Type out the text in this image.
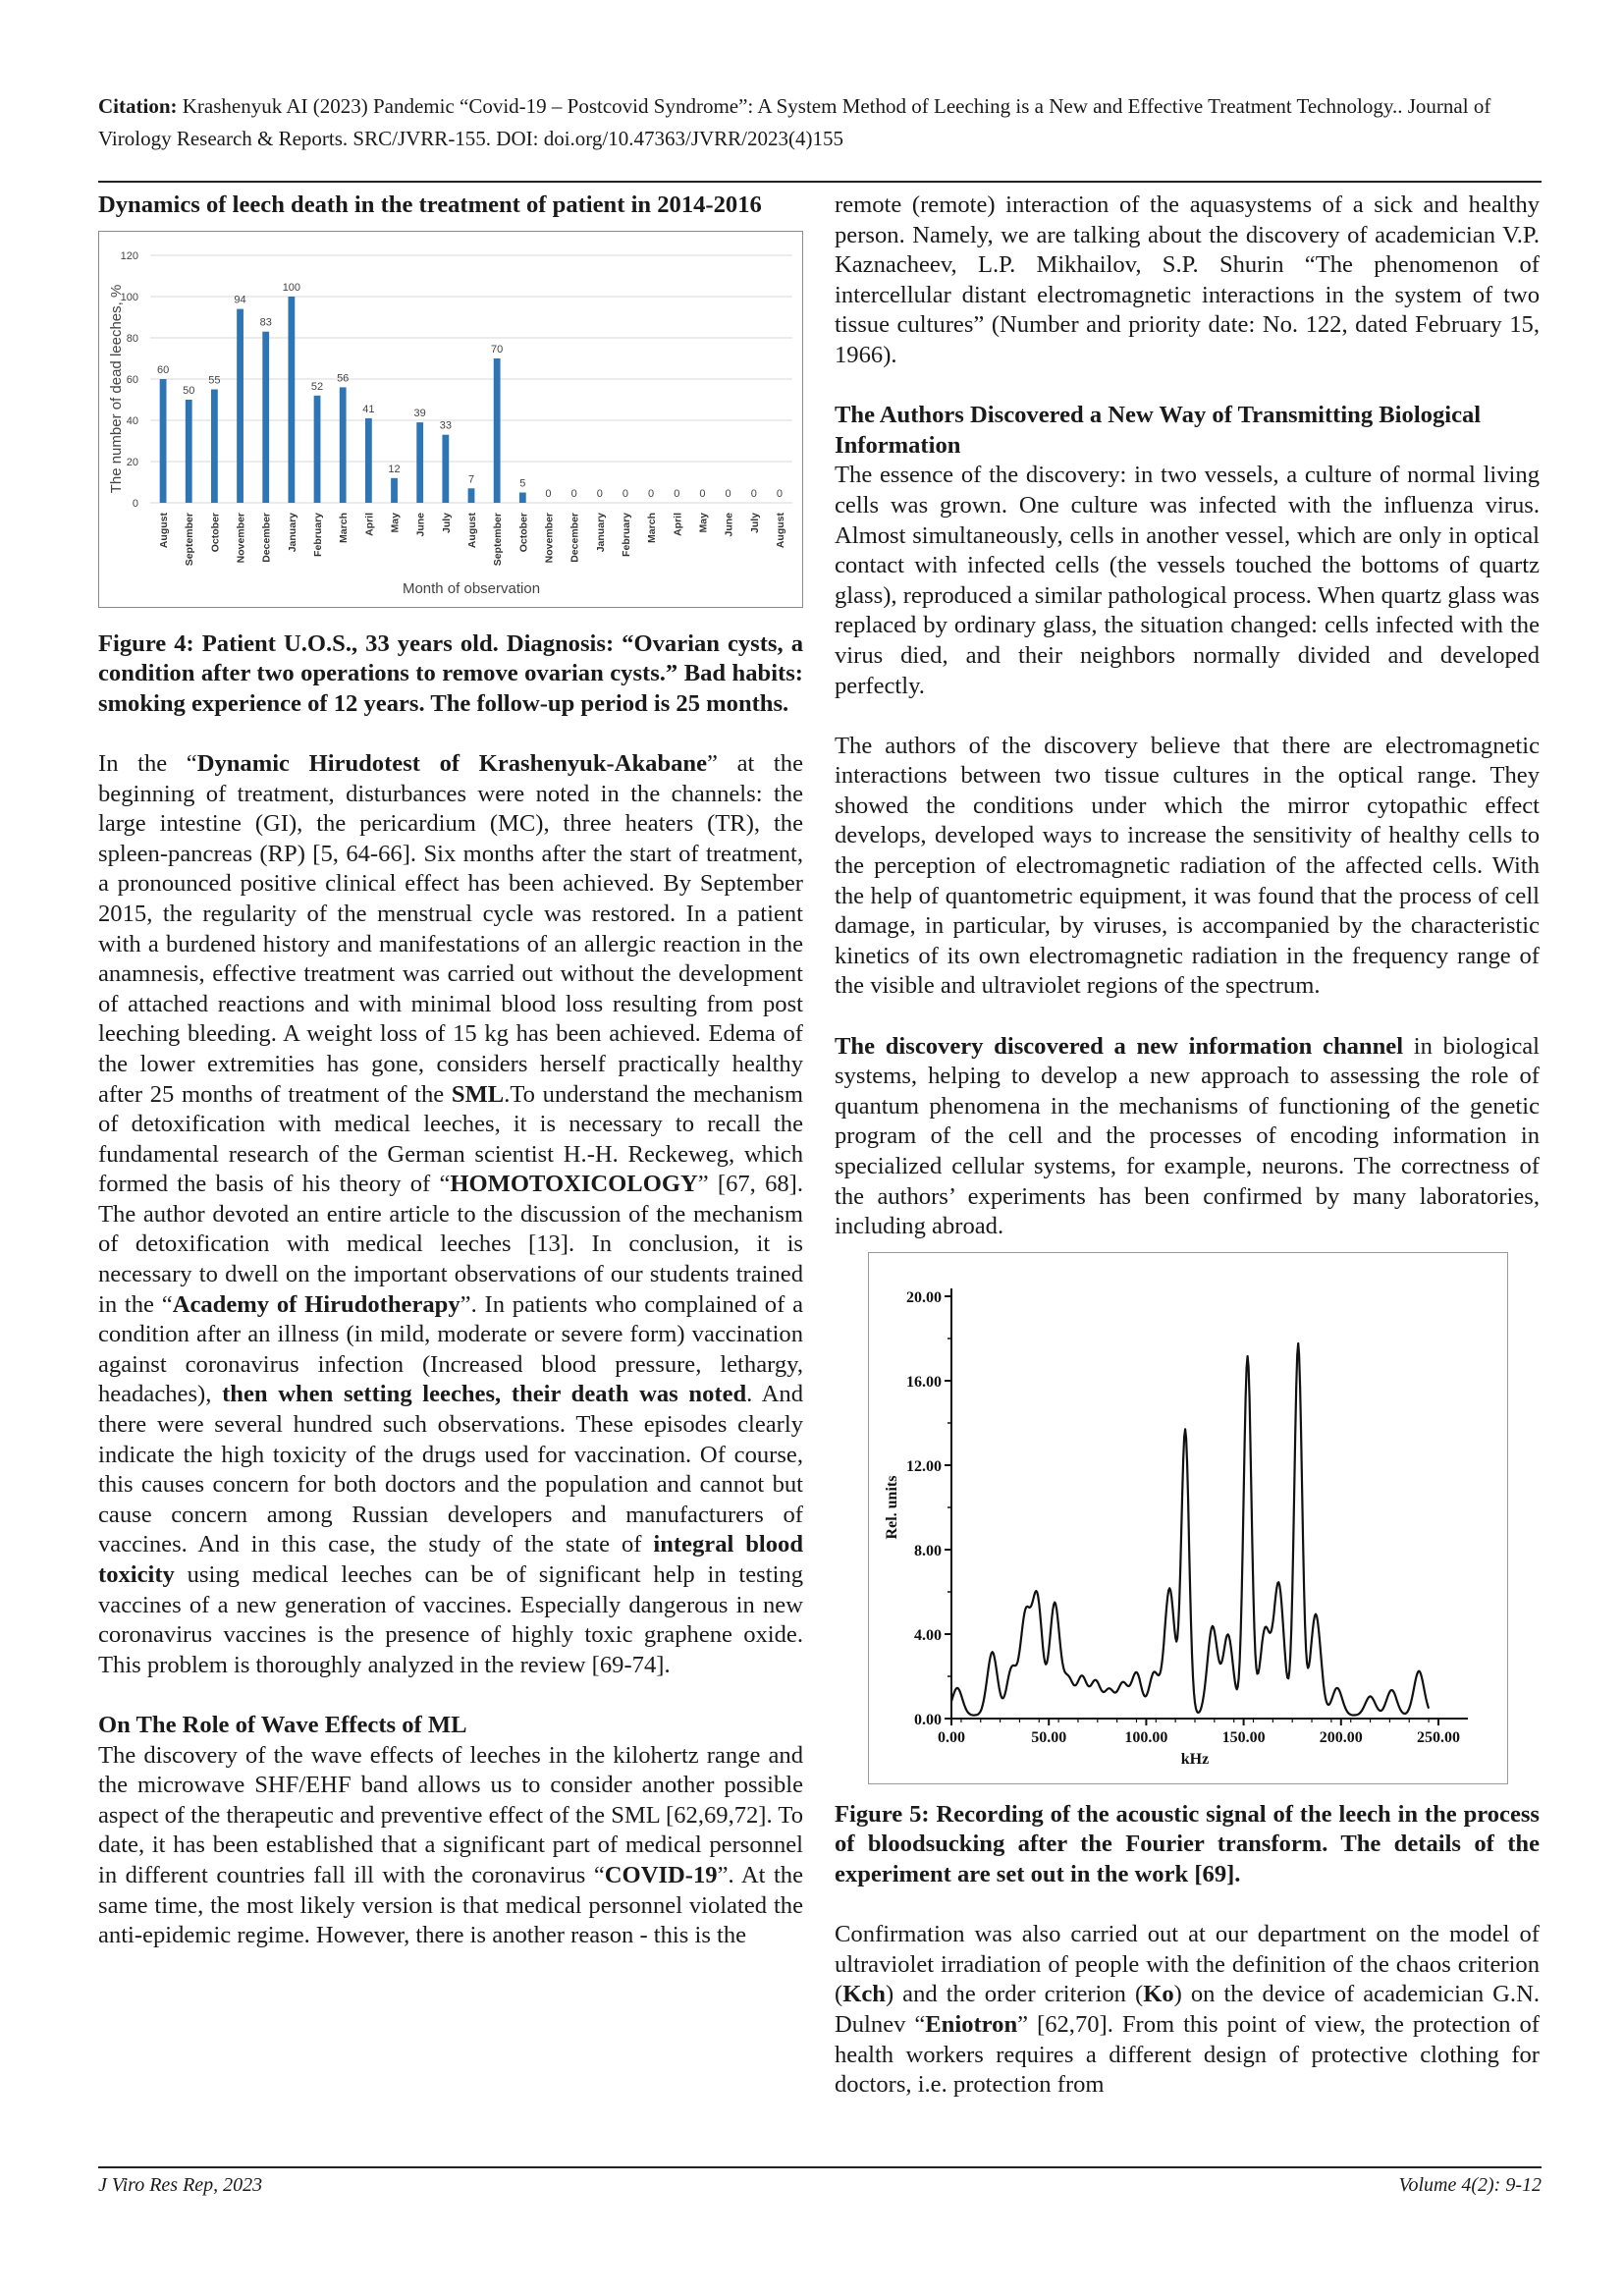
Citation: Krashenyuk AI (2023) Pandemic “Covid-19 – Postcovid Syndrome”: A System Method of Leeching is a New and Effective Treatment Technology.. Journal of Virology Research & Reports. SRC/JVRR-155. DOI: doi.org/10.47363/JVRR/2023(4)155

Dynamics of leech death in the treatment of patient in 2014-2016

0
20
40
60
80
100
120
60
August
50
September
55
October
94
November
83
December
100
January
52
February
56
March
41
April
12
May
39
June
33
July
7
August
70
September
5
October
0
November
0
December
0
January
0
February
0
March
0
April
0
May
0
June
0
July
0
August
Month of observation
The number of dead leeches, %

Figure 4: Patient U.O.S., 33 years old. Diagnosis: “Ovarian cysts, a condition after two operations to remove ovarian cysts.” Bad habits: smoking experience of 12 years. The follow-up period is 25 months.

In the “Dynamic Hirudotest of Krashenyuk-Akabane” at the beginning of treatment, disturbances were noted in the channels: the large intestine (GI), the pericardium (MC), three heaters (TR), the spleen-pancreas (RP) [5, 64-66]. Six months after the start of treatment, a pronounced positive clinical effect has been achieved. By September 2015, the regularity of the menstrual cycle was restored. In a patient with a burdened history and manifestations of an allergic reaction in the anamnesis, effective treatment was carried out without the development of attached reactions and with minimal blood loss resulting from post leeching bleeding. A weight loss of 15 kg has been achieved. Edema of the lower extremities has gone, considers herself practically healthy after 25 months of treatment of the SML.To understand the mechanism of detoxification with medical leeches, it is necessary to recall the fundamental research of the German scientist H.-H. Reckeweg, which formed the basis of his theory of “HOMOTOXICOLOGY” [67, 68]. The author devoted an entire article to the discussion of the mechanism of detoxification with medical leeches [13]. In conclusion, it is necessary to dwell on the important observations of our students trained in the “Academy of Hirudotherapy”. In patients who complained of a condition after an illness (in mild, moderate or severe form) vaccination against coronavirus infection (Increased blood pressure, lethargy, headaches), then when setting leeches, their death was noted. And there were several hundred such observations. These episodes clearly indicate the high toxicity of the drugs used for vaccination. Of course, this causes concern for both doctors and the population and cannot but cause concern among Russian developers and manufacturers of vaccines. And in this case, the study of the state of integral blood toxicity using medical leeches can be of significant help in testing vaccines of a new generation of vaccines. Especially dangerous in new coronavirus vaccines is the presence of highly toxic graphene oxide. This problem is thoroughly analyzed in the review [69-74].

On The Role of Wave Effects of ML

The discovery of the wave effects of leeches in the kilohertz range and the microwave SHF/EHF band allows us to consider another possible aspect of the therapeutic and preventive effect of the SML [62,69,72]. To date, it has been established that a significant part of medical personnel in different countries fall ill with the coronavirus “COVID-19”. At the same time, the most likely version is that medical personnel violated the anti-epidemic regime. However, there is another reason - this is the

remote (remote) interaction of the aquasystems of a sick and healthy person. Namely, we are talking about the discovery of academician V.P. Kaznacheev, L.P. Mikhailov, S.P. Shurin “The phenomenon of intercellular distant electromagnetic interactions in the system of two tissue cultures” (Number and priority date: No. 122, dated February 15, 1966).

The Authors Discovered a New Way of Transmitting Biological Information

The essence of the discovery: in two vessels, a culture of normal living cells was grown. One culture was infected with the influenza virus. Almost simultaneously, cells in another vessel, which are only in optical contact with infected cells (the vessels touched the bottoms of quartz glass), reproduced a similar pathological process. When quartz glass was replaced by ordinary glass, the situation changed: cells infected with the virus died, and their neighbors normally divided and developed perfectly.

The authors of the discovery believe that there are electromagnetic interactions between two tissue cultures in the optical range. They showed the conditions under which the mirror cytopathic effect develops, developed ways to increase the sensitivity of healthy cells to the perception of electromagnetic radiation of the affected cells. With the help of quantometric equipment, it was found that the process of cell damage, in particular, by viruses, is accompanied by the characteristic kinetics of its own electromagnetic radiation in the frequency range of the visible and ultraviolet regions of the spectrum.

The discovery discovered a new information channel in biological systems, helping to develop a new approach to assessing the role of quantum phenomena in the mechanisms of functioning of the genetic program of the cell and the processes of encoding information in specialized cellular systems, for example, neurons. The correctness of the authors’ experiments has been confirmed by many laboratories, including abroad.

0.00
4.00
8.00
12.00
16.00
20.00
0.00	50.00	100.00	150.00	200.00	250.00
kHz
Rel. units

Figure 5: Recording of the acoustic signal of the leech in the process of bloodsucking after the Fourier transform. The details of the experiment are set out in the work [69].

Confirmation was also carried out at our department on the model of ultraviolet irradiation of people with the definition of the chaos criterion (Kch) and the order criterion (Ko) on the device of academician G.N. Dulnev “Eniotron” [62,70]. From this point of view, the protection of health workers requires a different design of protective clothing for doctors, i.e. protection from

J Viro Res Rep, 2023	Volume 4(2): 9-12
